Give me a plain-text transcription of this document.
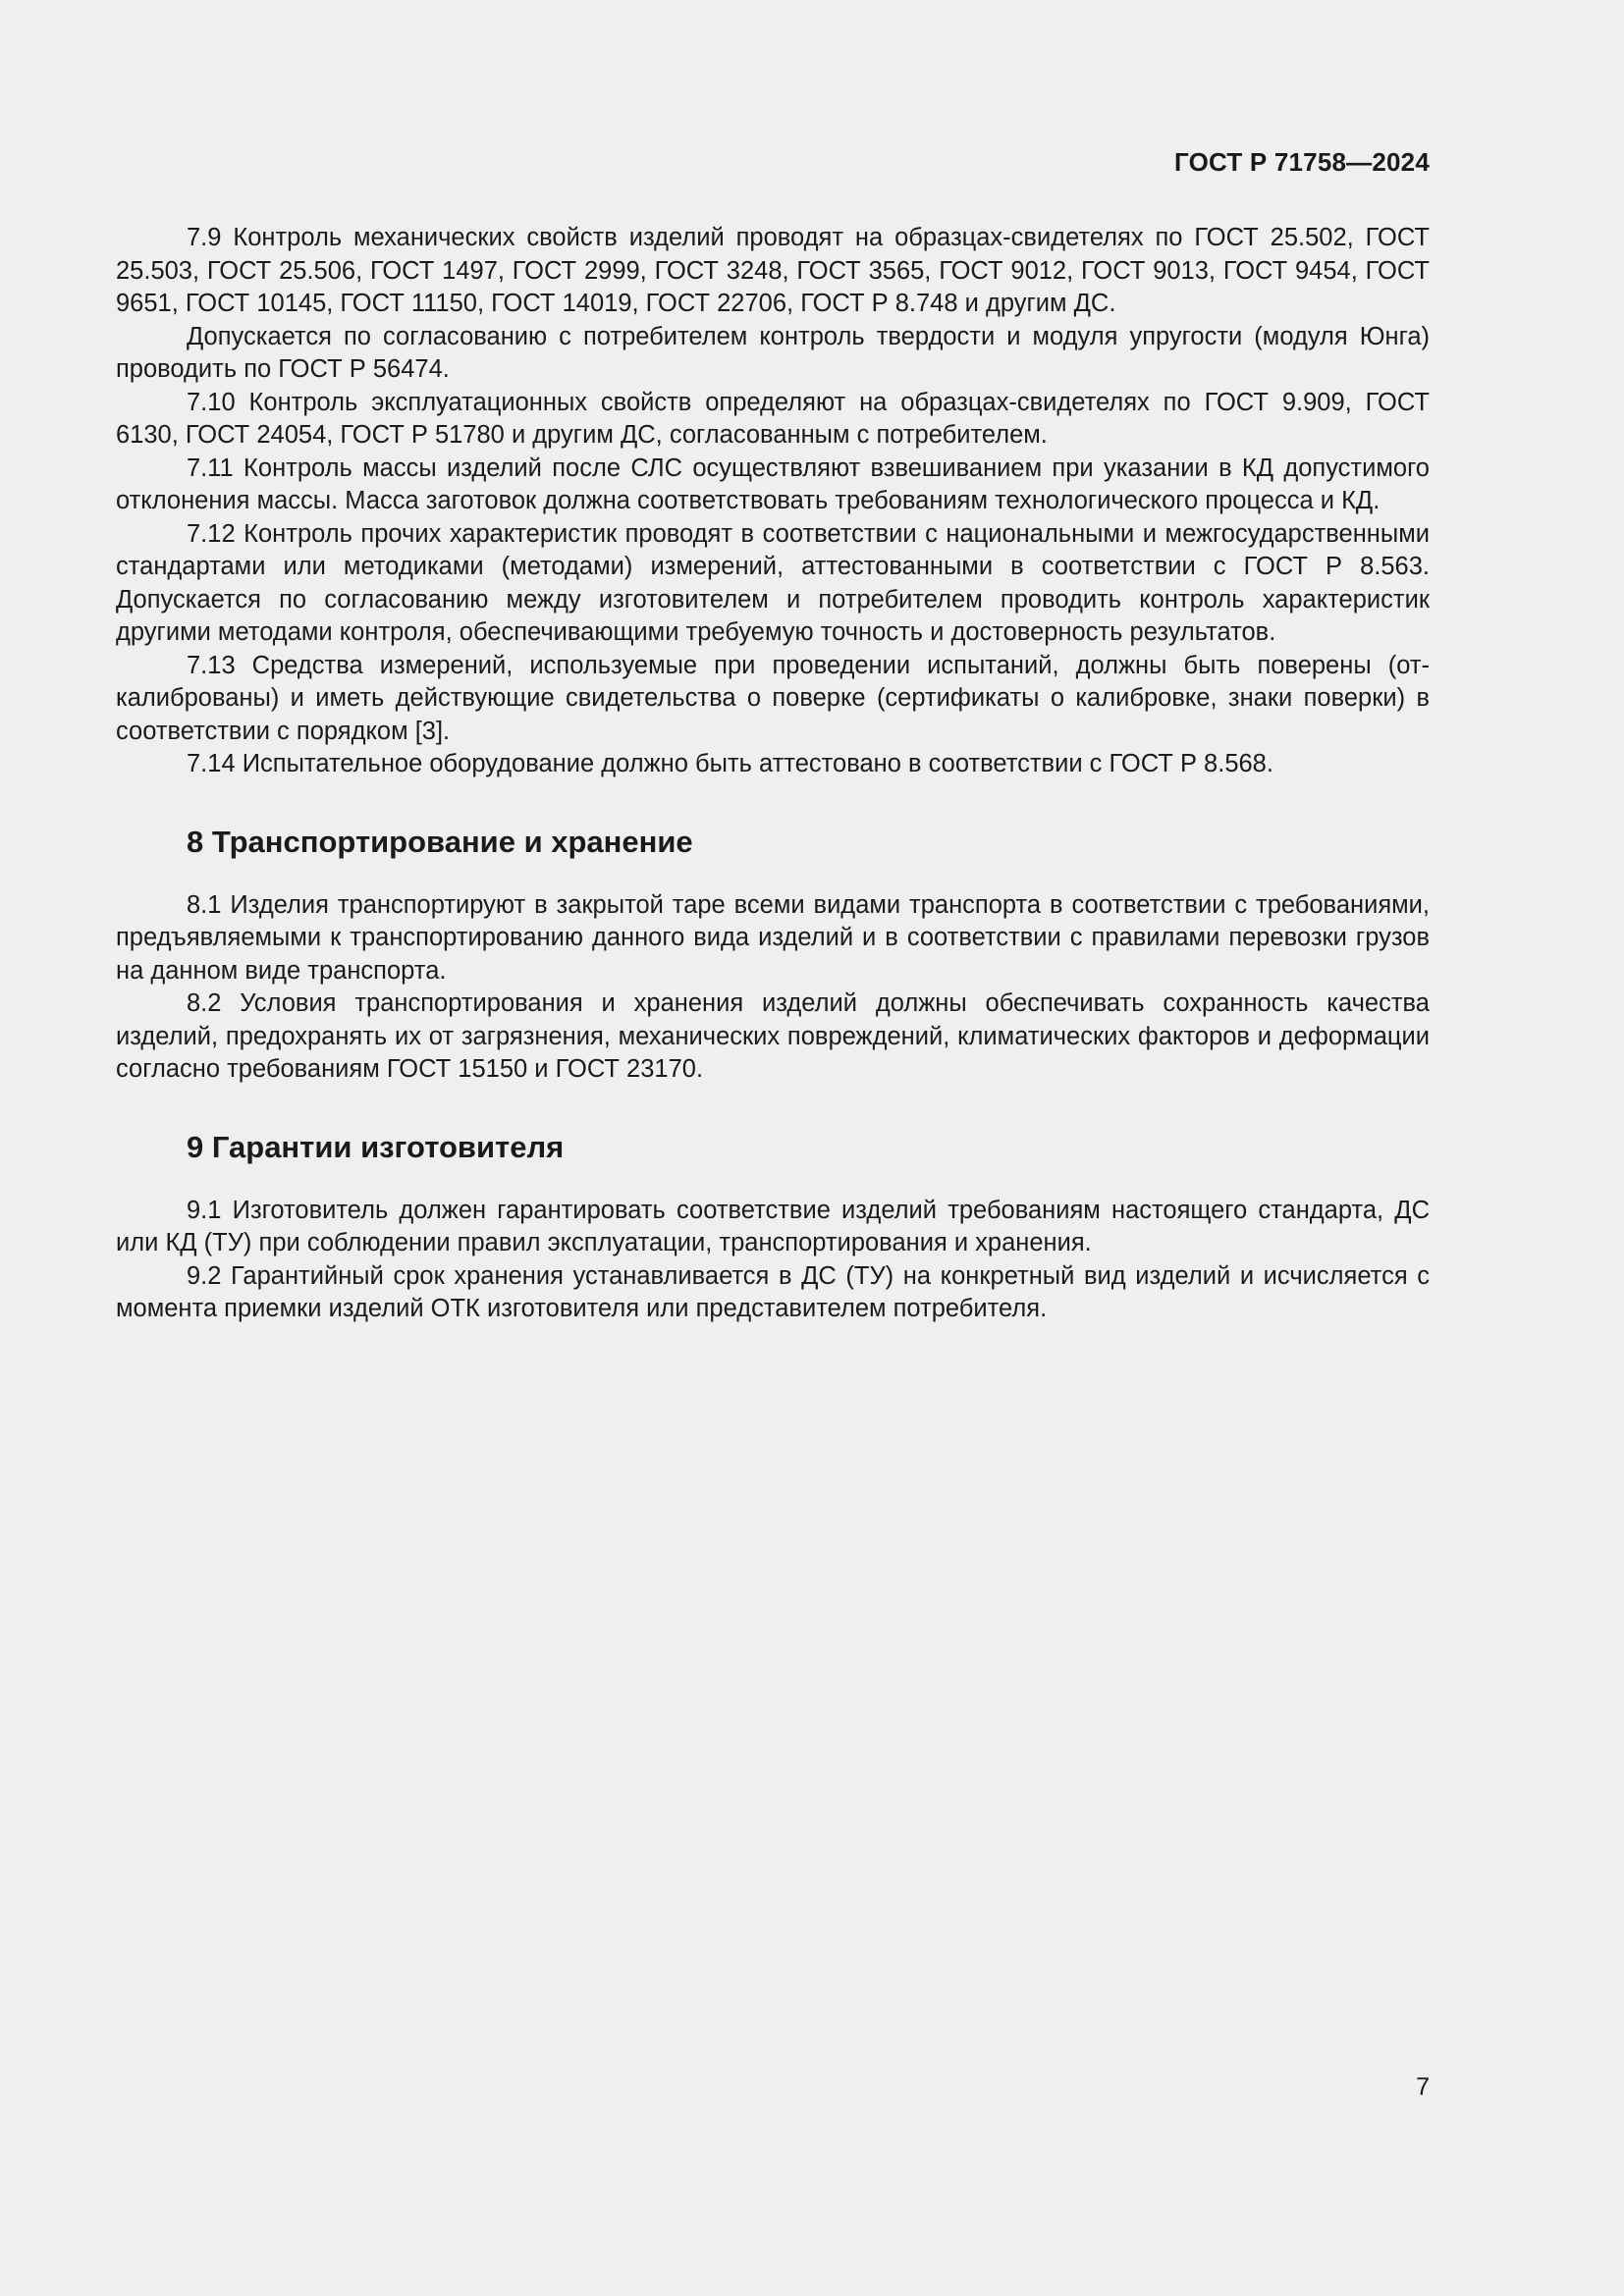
ГОСТ Р 71758—2024

7.9 Контроль механических свойств изделий проводят на образцах-свидетелях по ГОСТ 25.502, ГОСТ 25.503, ГОСТ 25.506, ГОСТ 1497, ГОСТ 2999, ГОСТ 3248, ГОСТ 3565, ГОСТ 9012, ГОСТ 9013, ГОСТ 9454, ГОСТ 9651, ГОСТ 10145, ГОСТ 11150, ГОСТ 14019, ГОСТ 22706, ГОСТ Р 8.748 и другим ДС.

Допускается по согласованию с потребителем контроль твердости и модуля упругости (модуля Юнга) проводить по ГОСТ Р 56474.

7.10 Контроль эксплуатационных свойств определяют на образцах-свидетелях по ГОСТ 9.909, ГОСТ 6130, ГОСТ 24054, ГОСТ Р 51780 и другим ДС, согласованным с потребителем.

7.11 Контроль массы изделий после СЛС осуществляют взвешиванием при указании в КД допустимого отклонения массы. Масса заготовок должна соответствовать требованиям технологического процесса и КД.

7.12 Контроль прочих характеристик проводят в соответствии с национальными и межгосударственными стандартами или методиками (методами) измерений, аттестованными в соответствии с ГОСТ Р 8.563. Допускается по согласованию между изготовителем и потребителем проводить контроль характеристик другими методами контроля, обеспечивающими требуемую точность и достоверность результатов.

7.13 Средства измерений, используемые при проведении испытаний, должны быть поверены (откалиброваны) и иметь действующие свидетельства о поверке (сертификаты о калибровке, знаки поверки) в соответствии с порядком [3].

7.14 Испытательное оборудование должно быть аттестовано в соответствии с ГОСТ Р 8.568.

8 Транспортирование и хранение

8.1 Изделия транспортируют в закрытой таре всеми видами транспорта в соответствии с требованиями, предъявляемыми к транспортированию данного вида изделий и в соответствии с правилами перевозки грузов на данном виде транспорта.

8.2 Условия транспортирования и хранения изделий должны обеспечивать сохранность качества изделий, предохранять их от загрязнения, механических повреждений, климатических факторов и деформации согласно требованиям ГОСТ 15150 и ГОСТ 23170.

9 Гарантии изготовителя

9.1 Изготовитель должен гарантировать соответствие изделий требованиям настоящего стандарта, ДС или КД (ТУ) при соблюдении правил эксплуатации, транспортирования и хранения.

9.2 Гарантийный срок хранения устанавливается в ДС (ТУ) на конкретный вид изделий и исчисляется с момента приемки изделий ОТК изготовителя или представителем потребителя.

7
